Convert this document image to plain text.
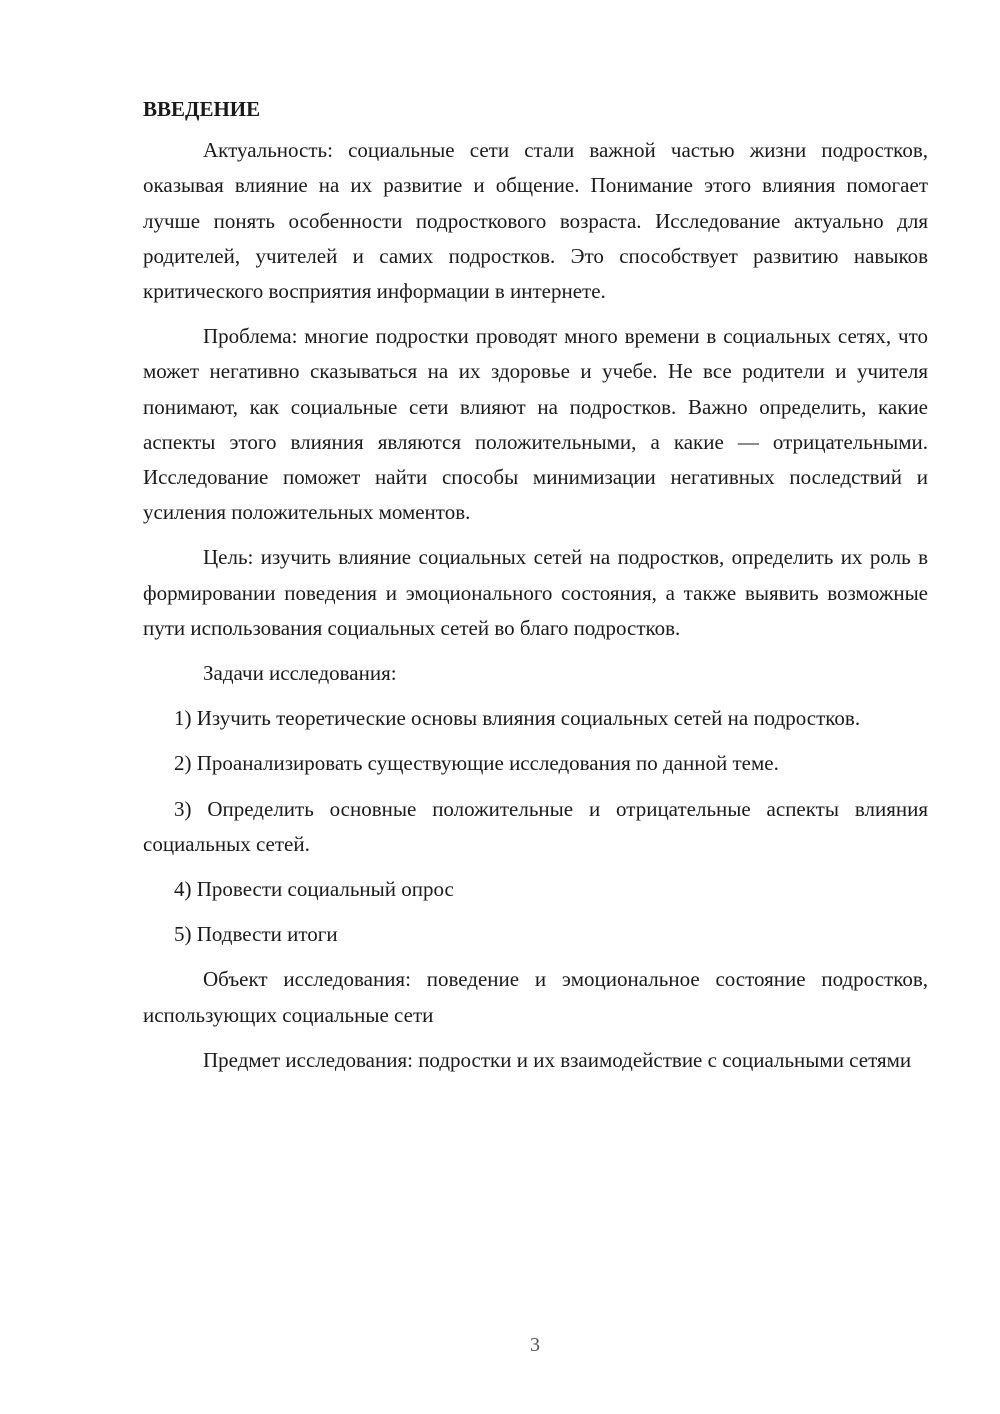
ВВЕДЕНИЕ

Актуальность: социальные сети стали важной частью жизни подростков, оказывая влияние на их развитие и общение. Понимание этого влияния помогает лучше понять особенности подросткового возраста. Исследование актуально для родителей, учителей и самих подростков. Это способствует развитию навыков критического восприятия информации в интернете.

Проблема: многие подростки проводят много времени в социальных сетях, что может негативно сказываться на их здоровье и учебе. Не все родители и учителя понимают, как социальные сети влияют на подростков. Важно определить, какие аспекты этого влияния являются положительными, а какие — отрицательными. Исследование поможет найти способы минимизации негативных последствий и усиления положительных моментов.

Цель: изучить влияние социальных сетей на подростков, определить их роль в формировании поведения и эмоционального состояния, а также выявить возможные пути использования социальных сетей во благо подростков.

Задачи исследования:

1) Изучить теоретические основы влияния социальных сетей на подростков.

2) Проанализировать существующие исследования по данной теме.

3) Определить основные положительные и отрицательные аспекты влияния социальных сетей.

4) Провести социальный опрос

5) Подвести итоги

Объект исследования: поведение и эмоциональное состояние подростков, использующих социальные сети

Предмет исследования: подростки и их взаимодействие с социальными сетями

3
